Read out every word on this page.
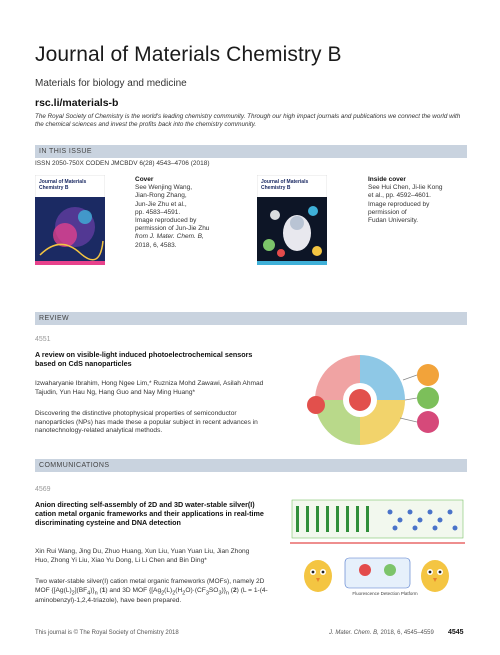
Journal of Materials Chemistry B
Materials for biology and medicine
rsc.li/materials-b
The Royal Society of Chemistry is the world's leading chemistry community. Through our high impact journals and publications we connect the world with the chemical sciences and invest the profits back into the chemistry community.
IN THIS ISSUE
ISSN 2050-750X CODEN JMCBDV 6(28) 4543–4706 (2018)
Journal of Materials Chemistry B
Cover
See Wenjing Wang,
Jian-Rong Zhang,
Jun-Jie Zhu et al.,
pp. 4583–4591.
Image reproduced by
permission of Jun-Jie Zhu
from J. Mater. Chem. B,
2018, 6, 4583.
Journal of Materials Chemistry B
Inside cover
See Hui Chen, Ji-lie Kong
et al., pp. 4592–4601.
Image reproduced by
permission of
Fudan University.
REVIEW
4551
A review on visible-light induced photoelectrochemical sensors based on CdS nanoparticles
Izwaharyanie Ibrahim, Hong Ngee Lim,* Ruzniza Mohd Zawawi, Asilah Ahmad Tajudin, Yun Hau Ng, Hang Guo and Nay Ming Huang*
Discovering the distinctive photophysical properties of semiconductor nanoparticles (NPs) has made these a popular subject in recent advances in nanotechnology-related analytical methods.
COMMUNICATIONS
4569
Anion directing self-assembly of 2D and 3D water-stable silver(I) cation metal organic frameworks and their applications in real-time discriminating cysteine and DNA detection
Xin Rui Wang, Jing Du, Zhuo Huang, Xun Liu, Yuan Yuan Liu, Jian Zhong Huo, Zhong Yi Liu, Xiao Yu Dong, Li Li Chen and Bin Ding*
Two water-stable silver(I) cation metal organic frameworks (MOFs), namely 2D MOF $\{[Ag(L)_2](BF_4)\}_n$ (1) and 3D MOF {$[Ag_2(L)_2(H_2O)\cdot(CF_3SO_3)\}_n$ (2) (L = 1-(4-aminobenzyl)-1,2,4-triazole), have been prepared.
Fluorescence Detection Platform
This journal is © The Royal Society of Chemistry 2018	J. Mater. Chem. B, 2018, 6, 4545–4559 4545
